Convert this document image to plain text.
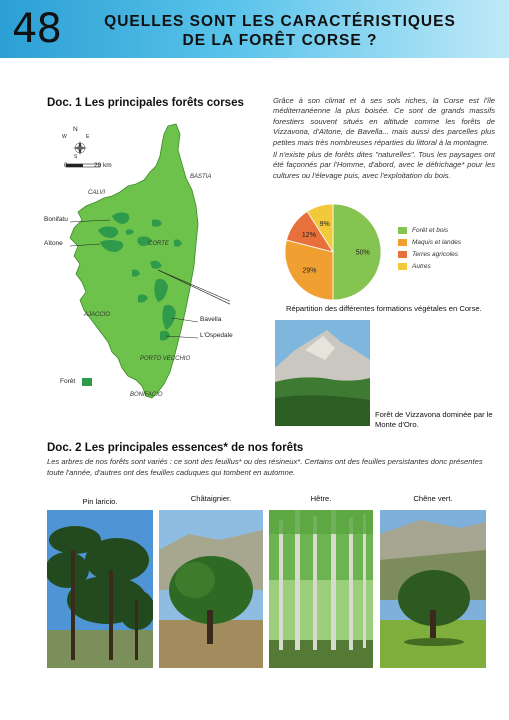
48	QUELLES SONT LES CARACTÉRISTIQUES
DE LA FORÊT CORSE ?
Doc. 1 Les principales forêts corses	Grâce à son climat et à ses sols riches, la Corse est l'île méditerranéenne la plus boisée. Ce sont de grands massifs forestiers souvent situés en altitude comme les forêts de Vizzavona, d'Aïtone, de Bavella... mais aussi des parcelles plus petites mais très nombreuses réparties du littoral à la montagne.

Il n'existe plus de forêts dites "naturelles". Tous les paysages ont été façonnés par l'Homme, d'abord, avec le défrichage* pour les cultures ou l'élevage puis, avec l'exploitation du bois.

N
E
W
S
0	20 km
BASTIA
CALVI
CORTE
AJACCIO
PORTO VECCHIO
BONIFACIO
Bonifatu
Aïtone
Bavella
L'Ospedale
Forêt
50%
29%
12%
9%
Forêt et bois
Maquis et landes
Terres agricoles
Autres
Répartition des différentes formations végétales en Corse.
Forêt de Vizzavona dominée par le Monte d'Oro.
Doc. 2 Les principales essences* de nos forêts
Les arbres de nos forêts sont variés : ce sont des feuillus* ou des résineux*. Certains ont des feuilles persistantes donc présentes toute l'année, d'autres ont des feuilles caduques qui tombent en automne.
Pin laricio.	Châtaignier.	Hêtre.	Chêne vert.
